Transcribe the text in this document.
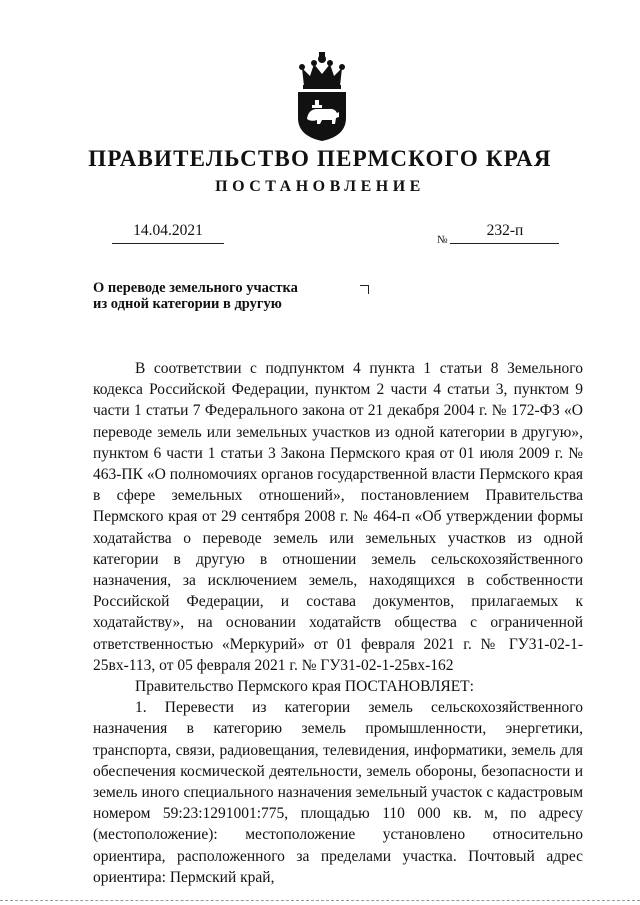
ПРАВИТЕЛЬСТВО ПЕРМСКОГО КРАЯ
ПОСТАНОВЛЕНИЕ
14.04.2021
№
232-п
О переводе земельного участка
из одной категории в другую

В соответствии с подпунктом 4 пункта 1 статьи 8 Земельного кодекса Российской Федерации, пунктом 2 части 4 статьи 3, пунктом 9 части 1 статьи 7 Федерального закона от 21 декабря 2004 г. № 172-ФЗ «О переводе земель или земельных участков из одной категории в другую», пунктом 6 части 1 статьи 3 Закона Пермского края от 01 июля 2009 г. № 463-ПК «О полномочиях органов государственной власти Пермского края в сфере земельных отношений», постановлением Правительства Пермского края от 29 сентября 2008 г. № 464-п «Об утверждении формы ходатайства о переводе земель или земельных участков из одной категории в другую в отношении земель сельскохозяйственного назначения, за исключением земель, находящихся в собственности Российской Федерации, и состава документов, прилагаемых к ходатайству», на основании ходатайств общества с ограниченной ответственностью «Меркурий» от 01 февраля 2021 г. № ГУ31-02-1-25вх-113, от 05 февраля 2021 г. № ГУ31-02-1-25вх-162

Правительство Пермского края ПОСТАНОВЛЯЕТ:

1. Перевести из категории земель сельскохозяйственного назначения в категорию земель промышленности, энергетики, транспорта, связи, радиовещания, телевидения, информатики, земель для обеспечения космической деятельности, земель обороны, безопасности и земель иного специального назначения земельный участок с кадастровым номером 59:23:1291001:775, площадью 110 000 кв. м, по адресу (местоположение): местоположение установлено относительно ориентира, расположенного за пределами участка. Почтовый адрес ориентира: Пермский край,
